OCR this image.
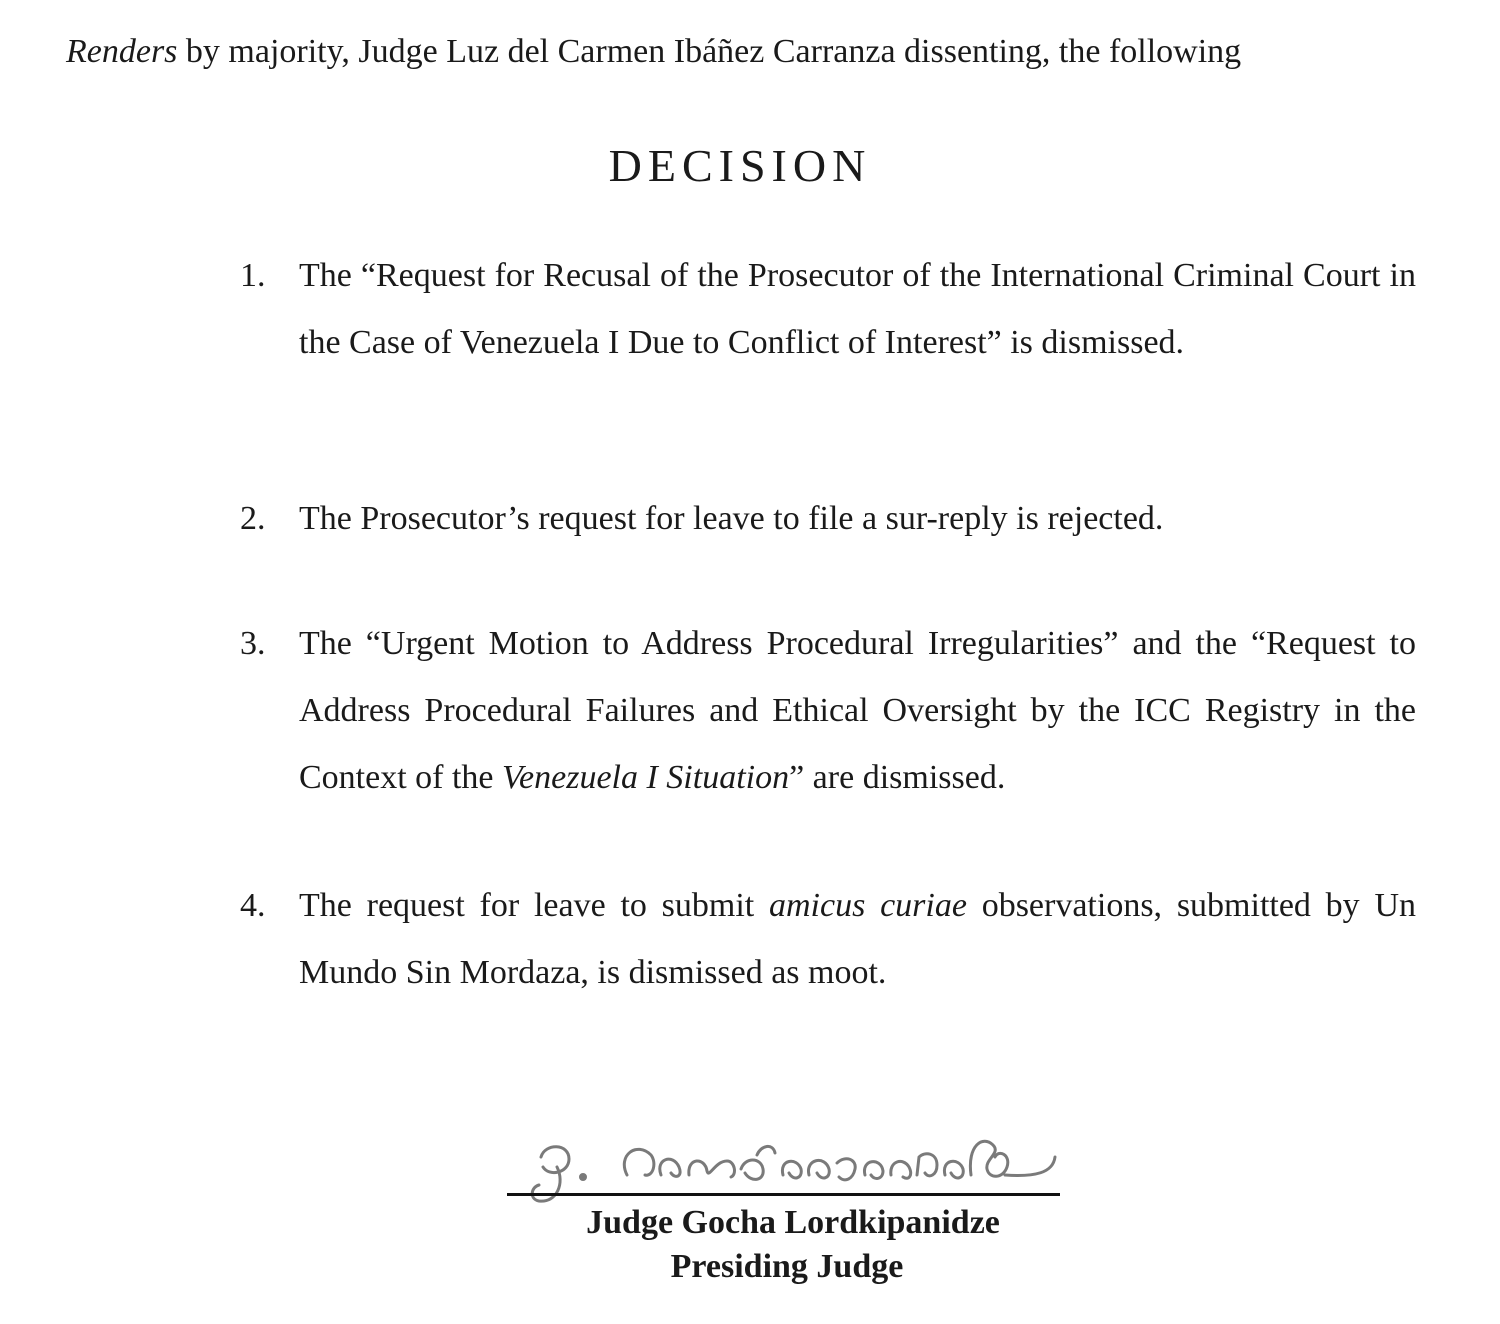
Renders by majority, Judge Luz del Carmen Ibáñez Carranza dissenting, the following

DECISION
1. The “Request for Recusal of the Prosecutor of the International Criminal Court in the Case of Venezuela I Due to Conflict of Interest” is dismissed.
2. The Prosecutor’s request for leave to file a sur-reply is rejected.
3. The “Urgent Motion to Address Procedural Irregularities” and the “Request to Address Procedural Failures and Ethical Oversight by the ICC Registry in the Context of the Venezuela I Situation” are dismissed.
4. The request for leave to submit amicus curiae observations, submitted by Un Mundo Sin Mordaza, is dismissed as moot.
Judge Gocha Lordkipanidze
Presiding Judge
